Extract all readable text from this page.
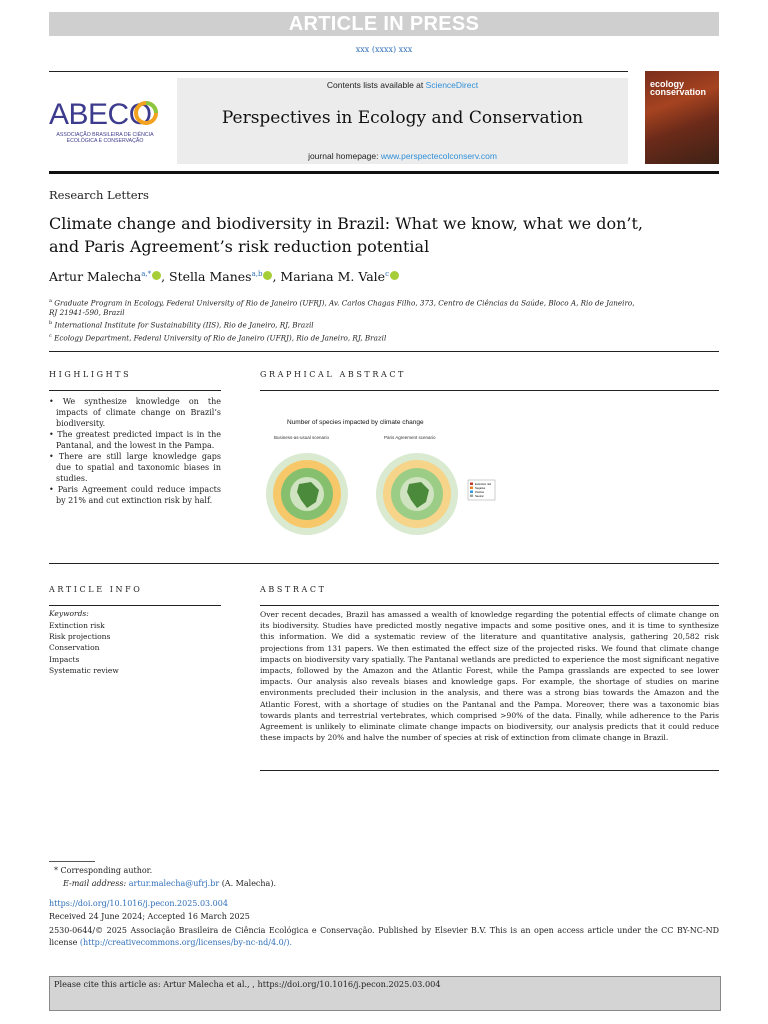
ARTICLE IN PRESS
xxx (xxxx) xxx
ABECO
ASSOCIAÇÃO BRASILEIRA DE CIÊNCIA
ECOLÓGICA E CONSERVAÇÃO
Contents lists available at ScienceDirect
Perspectives in Ecology and Conservation
journal homepage: www.perspectecolconserv.com
ecology
conservation
Research Letters
Climate change and biodiversity in Brazil: What we know, what we don’t, and Paris Agreement’s risk reduction potential
Artur Malecha$^{a,*}$ , Stella Manes$^{a,b}$ , Mariana M. Vale$^c$
$^a$ Graduate Program in Ecology, Federal University of Rio de Janeiro (UFRJ), Av. Carlos Chagas Filho, 373, Centro de Ciências da Saúde, Bloco A, Rio de Janeiro, RJ 21941-590, Brazil
$^b$ International Institute for Sustainability (IIS), Rio de Janeiro, RJ, Brazil
$^c$ Ecology Department, Federal University of Rio de Janeiro (UFRJ), Rio de Janeiro, RJ, Brazil
HIGHLIGHTS
• We synthesize knowledge on the impacts of climate change on Brazil’s biodiversity.
• The greatest predicted impact is in the Pantanal, and the lowest in the Pampa.
• There are still large knowledge gaps due to spatial and taxonomic biases in studies.
• Paris Agreement could reduce impacts by 21% and cut extinction risk by half.
GRAPHICAL ABSTRACT
Number of species impacted by climate change
Business-as-usual scenario	Paris Agreement scenario
Extinction risk
Negative
Positive
Neutral
ARTICLE INFO
Keywords:
Extinction risk
Risk projections
Conservation
Impacts
Systematic review
ABSTRACT
Over recent decades, Brazil has amassed a wealth of knowledge regarding the potential effects of climate change on its biodiversity. Studies have predicted mostly negative impacts and some positive ones, and it is time to synthesize this information. We did a systematic review of the literature and quantitative analysis, gathering 20,582 risk projections from 131 papers. We then estimated the effect size of the projected risks. We found that climate change impacts on biodiversity vary spatially. The Pantanal wetlands are predicted to experience the most significant negative impacts, followed by the Amazon and the Atlantic Forest, while the Pampa grasslands are expected to see lower impacts. Our analysis also reveals biases and knowledge gaps. For example, the shortage of studies on marine environments precluded their inclusion in the analysis, and there was a strong bias towards the Amazon and the Atlantic Forest, with a shortage of studies on the Pantanal and the Pampa. Moreover, there was a taxonomic bias towards plants and terrestrial vertebrates, which comprised >90% of the data. Finally, while adherence to the Paris Agreement is unlikely to eliminate climate change impacts on biodiversity, our analysis predicts that it could reduce these impacts by 20% and halve the number of species at risk of extinction from climate change in Brazil.
* Corresponding author.
E-mail address: artur.malecha@ufrj.br (A. Malecha).
https://doi.org/10.1016/j.pecon.2025.03.004
Received 24 June 2024; Accepted 16 March 2025
2530-0644/© 2025 Associação Brasileira de Ciência Ecológica e Conservação. Published by Elsevier B.V. This is an open access article under the CC BY-NC-ND license (http://creativecommons.org/licenses/by-nc-nd/4.0/).
Please cite this article as: Artur Malecha et al., , https://doi.org/10.1016/j.pecon.2025.03.004
